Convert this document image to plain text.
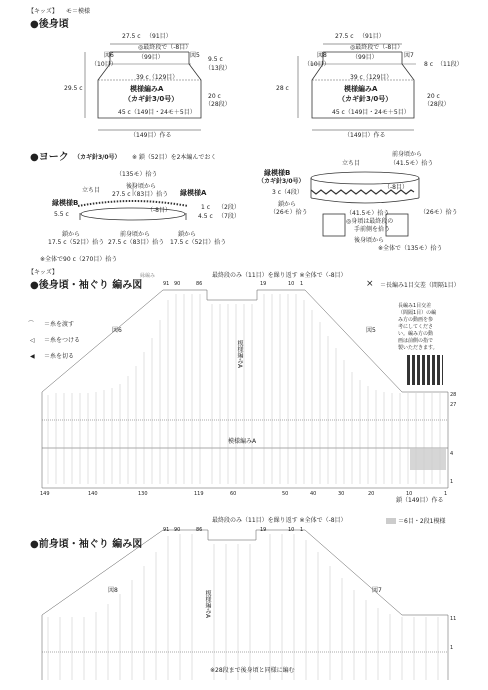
【キッズ】 モ＝模様
●後身頃
27.5 c （91目）
◎最終段で（-8目）
（99目）
図6	図5
（10目）
9.5 c
（13段）
39 c（129目）
模様編みA
（カギ針3/0号）
29.5 c
20 c
（28段）
45 c（149目・24モ＋5目）
（149目）作る
27.5 c （91目）
◎最終段で（-8目）
（99目）
図8	図7
（10目）	8 c （11段）
39 c（129目）
模様編みA
（カギ針3/0号）
28 c
20 c
（28段）
45 c（149目・24モ＋5目）
（149目）作る
●ヨーク （カギ針3/0号） ※ 鎖（52目）を2本編んでおく
（135モ）拾う
立ち目
後身頃から
27.5 c（83目）拾う
縁模様B
縁模様A
5.5 c
（-8目）	1 c （2段）
4.5 c （7段）
鎖から
17.5 c（52目）拾う
前身頃から
27.5 c（83目）拾う
鎖から
17.5 c（52目）拾う
※全体で90 c（270目）拾う
縁模様B
（カギ針3/0号）
立ち目
前身頃から
（41.5モ）拾う
3 c（4段）
（-8目）
鎖から
（26モ）拾う	（41.5モ）拾う
◎身頃は最終段の
手前側を拾う
後身頃から
（26モ）拾う
※全体で（135モ）拾う
【キッズ】
●後身頃・袖ぐり 編み図
縁編み	最終段のみ（11目）を繰り返す ※全体で（-8目）
＝長編み1目交差（間隔1目）
⨯
91 90	86	19	10 1
⌒ ＝糸を渡す
◁ ＝糸をつける
◀ ＝糸を切る
図6	図5
模様編みA
模様編みA
長編み1目交差
（間隔1目）の編
み方の動画を参
考にしてくださ
い。編み方の動
画は前側の指で
製いただきます。
28
27
4
1
149	140	130	119	60	50	40	30	20	10	1
鎖（149目）作る
＝6目・2段1模様
●前身頃・袖ぐり 編み図
最終段のみ（11目）を繰り返す ※全体で（-8目）
91 90	86	19	10 1
図8	図7
模様編みA
11
1
※28段まで後身頃と同様に編む
